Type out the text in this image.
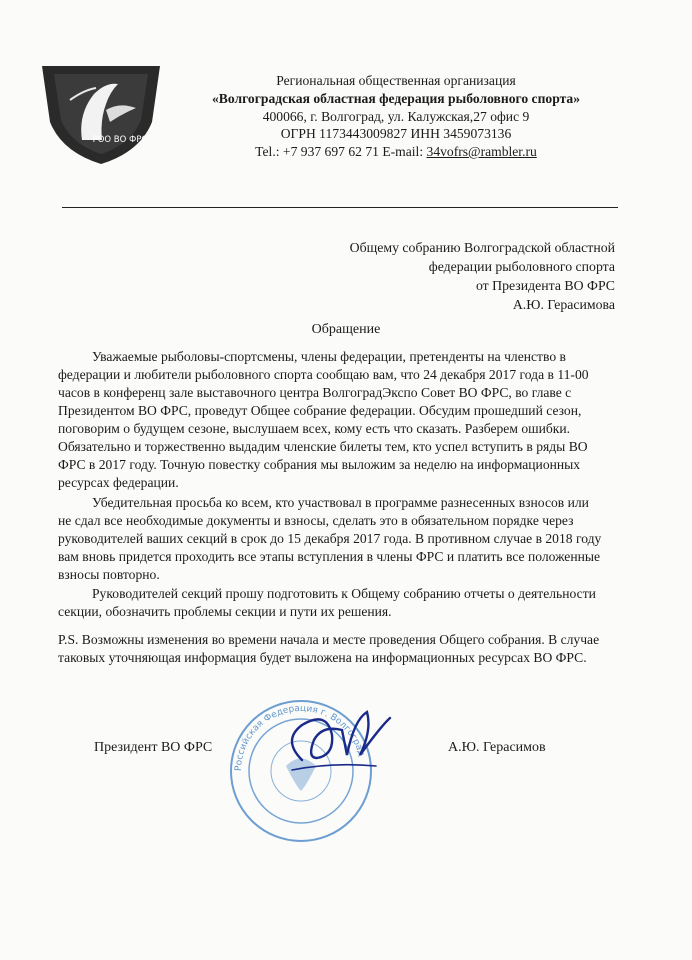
РОО ВО ФРС
Региональная общественная организация
«Волгоградская областная федерация рыболовного спорта»
400066, г. Волгоград, ул. Калужская,27 офис 9
ОГРН 1173443009827 ИНН 3459073136
Tel.: +7 937 697 62 71 E-mail: 34vofrs@rambler.ru
Общему собранию Волгоградской областной
федерации рыболовного спорта
от Президента ВО ФРС
А.Ю. Герасимова
Обращение
Уважаемые рыболовы-спортсмены, члены федерации, претенденты на членство в
федерации и любители рыболовного спорта сообщаю вам, что 24 декабря 2017 года в 11-00
часов в конференц зале выставочного центра ВолгоградЭкспо Совет ВО ФРС, во главе с
Президентом ВО ФРС, проведут Общее собрание федерации. Обсудим прошедший сезон,
поговорим о будущем сезоне, выслушаем всех, кому есть что сказать. Разберем ошибки.
Обязательно и торжественно выдадим членские билеты тем, кто успел вступить в ряды ВО
ФРС в 2017 году. Точную повестку собрания мы выложим за неделю на информационных
ресурсах федерации.
Убедительная просьба ко всем, кто участвовал в программе разнесенных взносов или
не сдал все необходимые документы и взносы, сделать это в обязательном порядке через
руководителей ваших секций в срок до 15 декабря 2017 года. В противном случае в 2018 году
вам вновь придется проходить все этапы вступления в члены ФРС и платить все положенные
взносы повторно.
Руководителей секций прошу подготовить к Общему собранию отчеты о деятельности
секции, обозначить проблемы секции и пути их решения.
P.S. Возможны изменения во времени начала и месте проведения Общего собрания. В случае
таковых уточняющая информация будет выложена на информационных ресурсах ВО ФРС.
Российская Федерация г. Волгоград
Президент ВО ФРС	А.Ю. Герасимов
